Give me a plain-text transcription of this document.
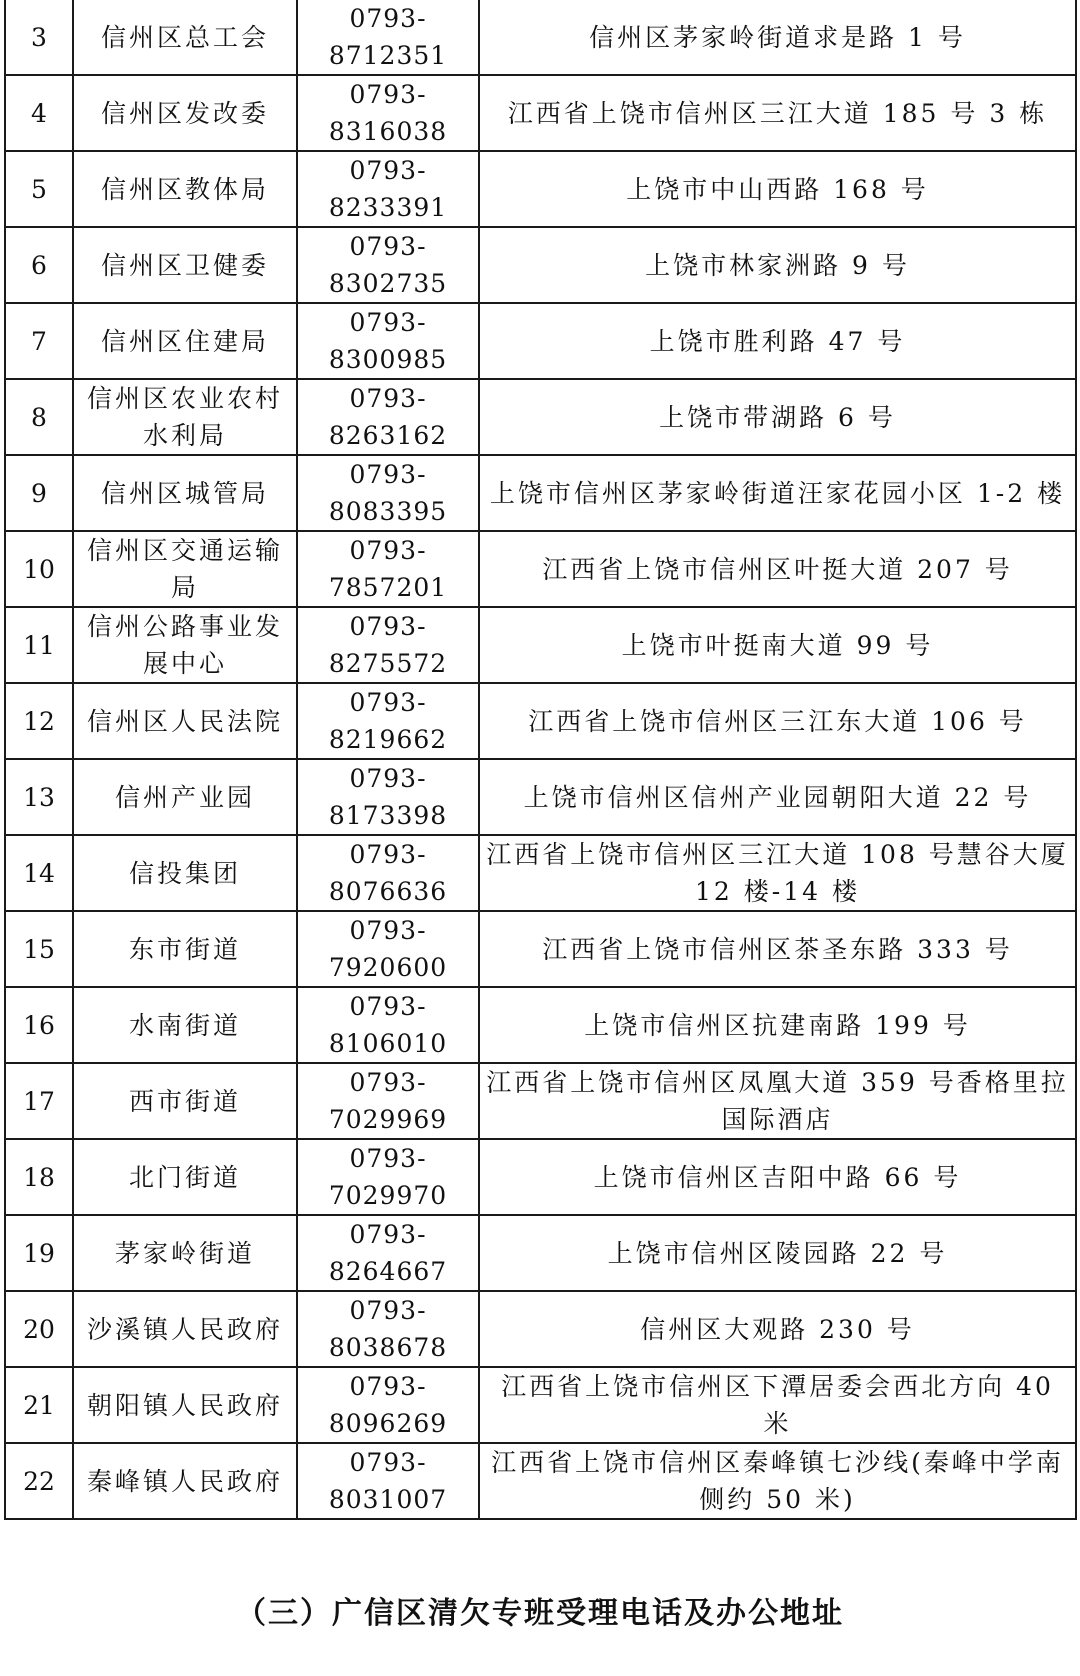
3	信州区总工会	0793-8712351	信州区茅家岭街道求是路 1 号
4	信州区发改委	0793-8316038	江西省上饶市信州区三江大道 185 号 3 栋
5	信州区教体局	0793-8233391	上饶市中山西路 168 号
6	信州区卫健委	0793-8302735	上饶市林家洲路 9 号
7	信州区住建局	0793-8300985	上饶市胜利路 47 号
8	信州区农业农村水利局	0793-8263162	上饶市带湖路 6 号
9	信州区城管局	0793-8083395	上饶市信州区茅家岭街道汪家花园小区 1-2 楼
10	信州区交通运输局	0793-7857201	江西省上饶市信州区叶挺大道 207 号
11	信州公路事业发展中心	0793-8275572	上饶市叶挺南大道 99 号
12	信州区人民法院	0793-8219662	江西省上饶市信州区三江东大道 106 号
13	信州产业园	0793-8173398	上饶市信州区信州产业园朝阳大道 22 号
14	信投集团	0793-8076636	江西省上饶市信州区三江大道 108 号慧谷大厦 12 楼-14 楼
15	东市街道	0793-7920600	江西省上饶市信州区茶圣东路 333 号
16	水南街道	0793-8106010	上饶市信州区抗建南路 199 号
17	西市街道	0793-7029969	江西省上饶市信州区凤凰大道 359 号香格里拉国际酒店
18	北门街道	0793-7029970	上饶市信州区吉阳中路 66 号
19	茅家岭街道	0793-8264667	上饶市信州区陵园路 22 号
20	沙溪镇人民政府	0793-8038678	信州区大观路 230 号
21	朝阳镇人民政府	0793-8096269	江西省上饶市信州区下潭居委会西北方向 40 米
22	秦峰镇人民政府	0793-8031007	江西省上饶市信州区秦峰镇七沙线(秦峰中学南侧约 50 米)
（三）广信区清欠专班受理电话及办公地址
